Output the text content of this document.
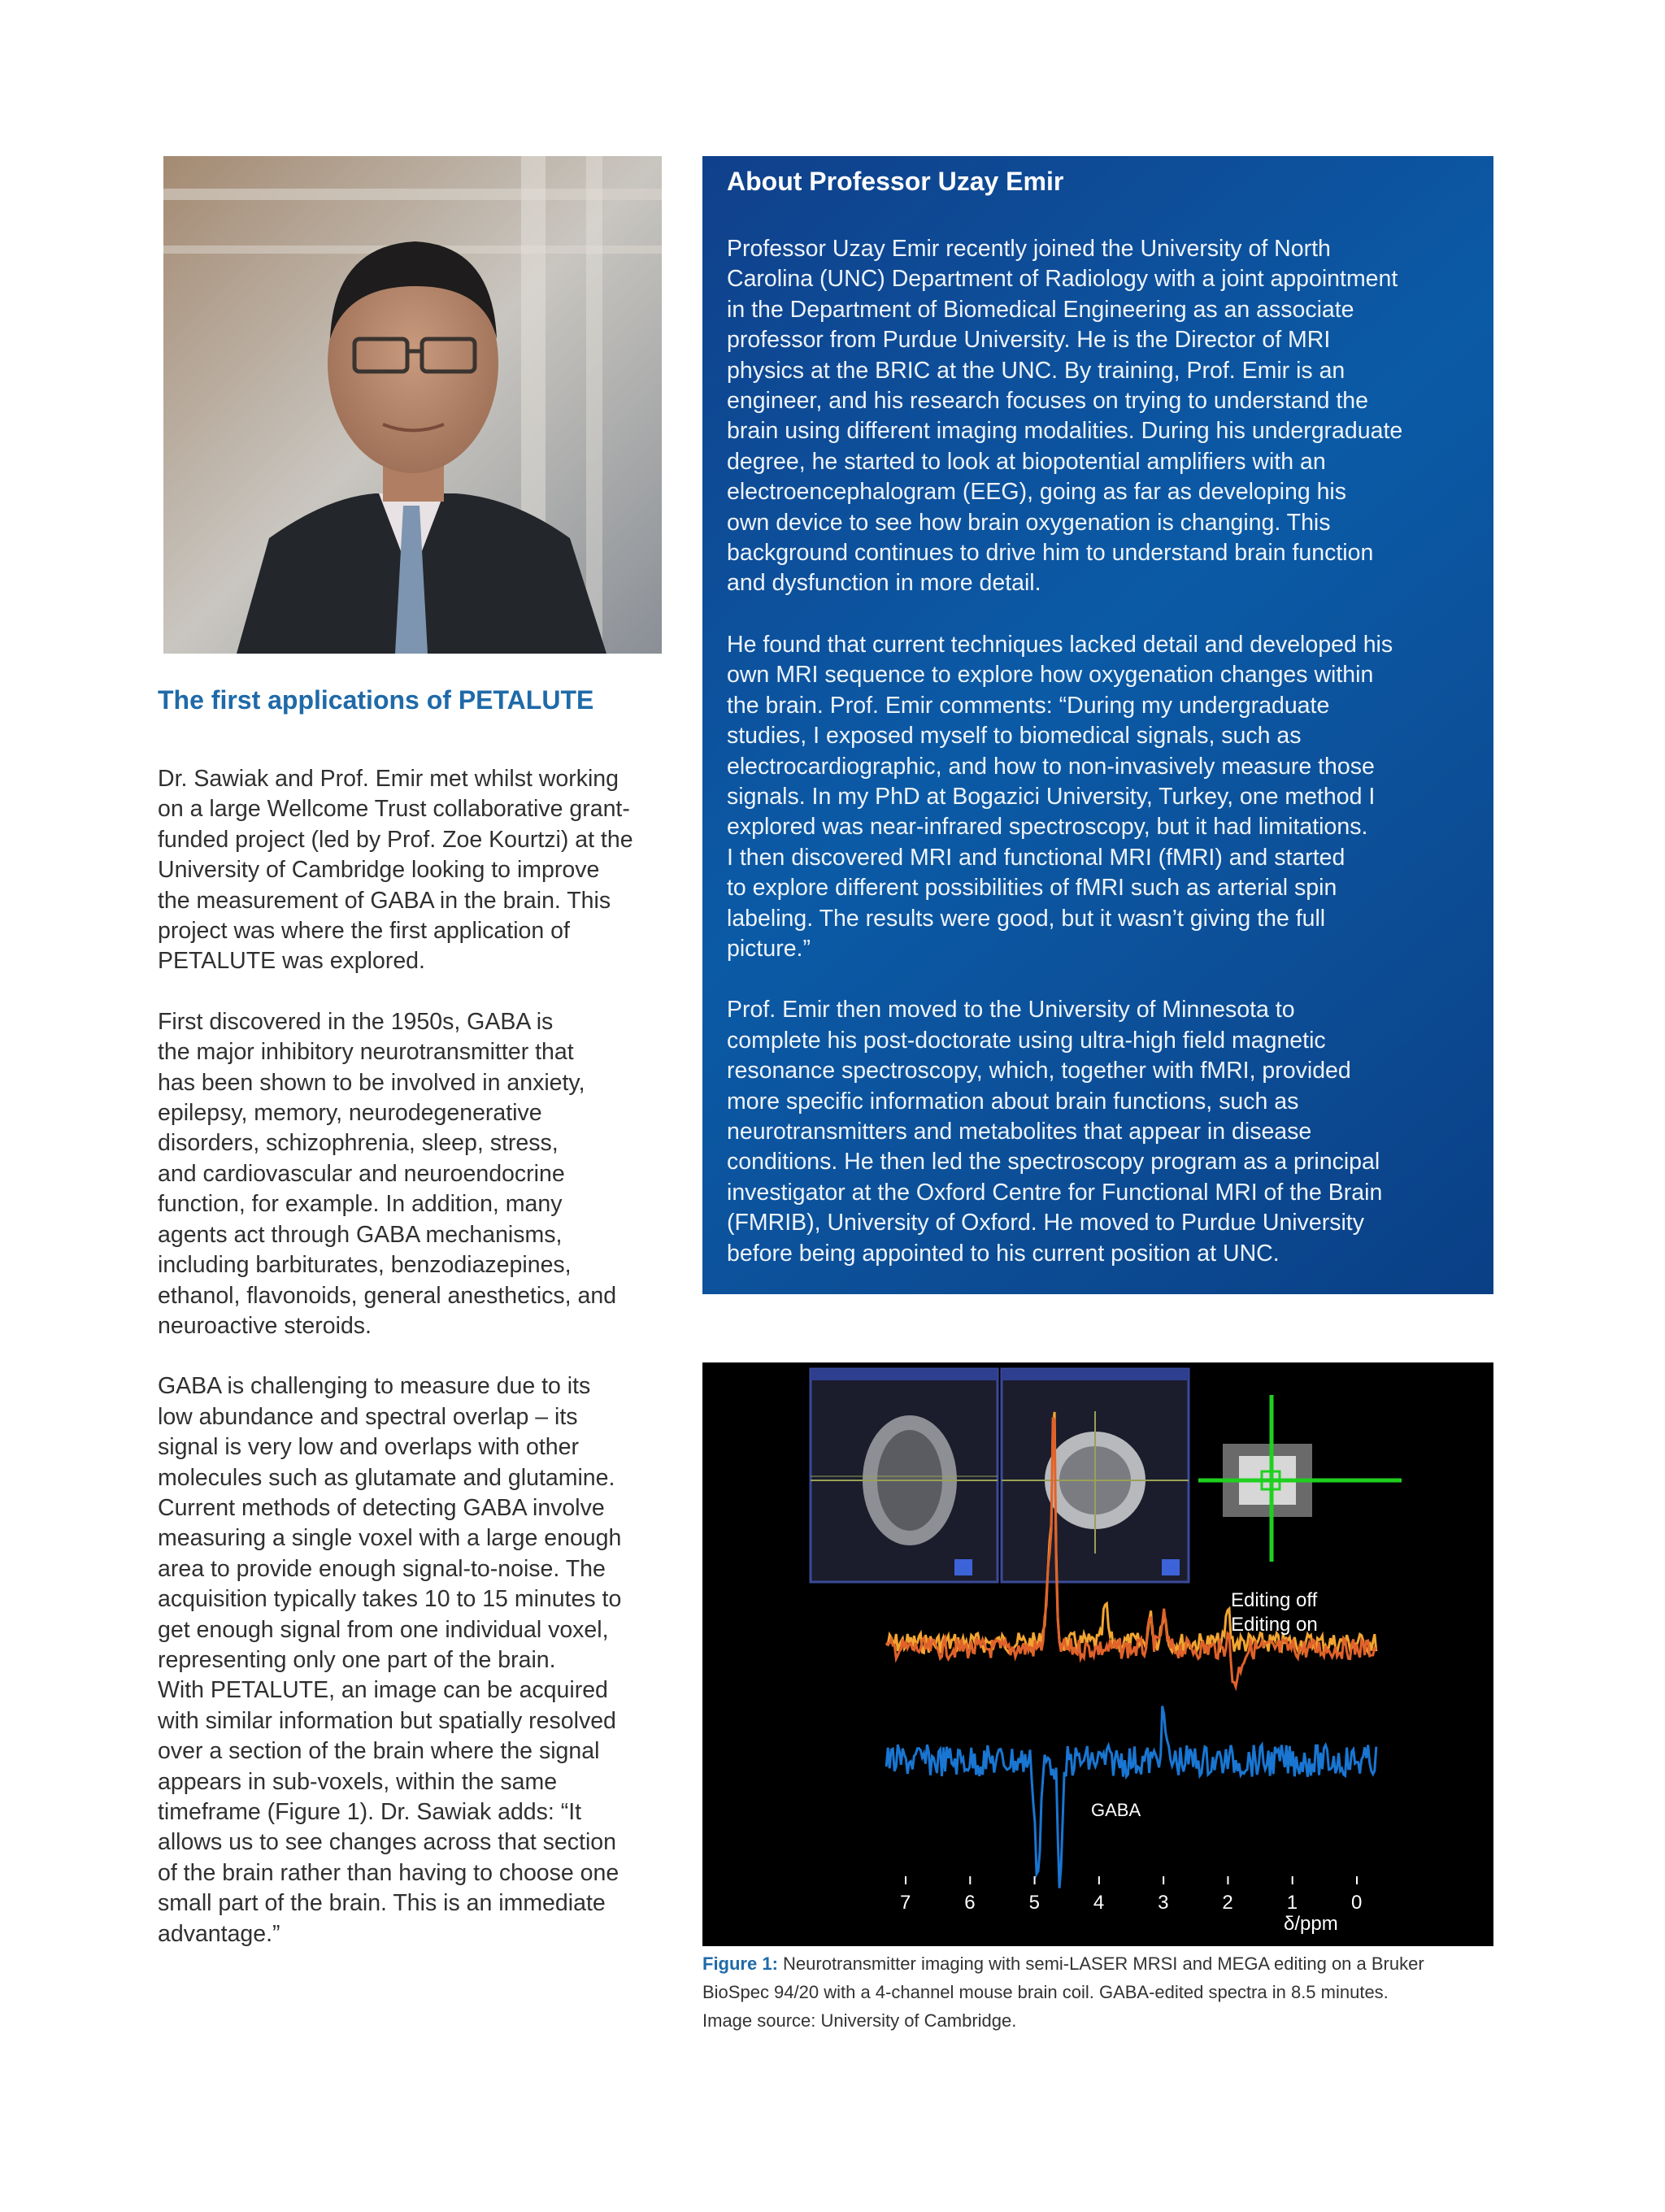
The first applications of PETALUTE

Dr. Sawiak and Prof. Emir met whilst working
on a large Wellcome Trust collaborative grant-
funded project (led by Prof. Zoe Kourtzi) at the
University of Cambridge looking to improve
the measurement of GABA in the brain. This
project was where the first application of
PETALUTE was explored.

First discovered in the 1950s, GABA is
the major inhibitory neurotransmitter that
has been shown to be involved in anxiety,
epilepsy, memory, neurodegenerative
disorders, schizophrenia, sleep, stress,
and cardiovascular and neuroendocrine
function, for example. In addition, many
agents act through GABA mechanisms,
including barbiturates, benzodiazepines,
ethanol, flavonoids, general anesthetics, and
neuroactive steroids.

GABA is challenging to measure due to its
low abundance and spectral overlap – its
signal is very low and overlaps with other
molecules such as glutamate and glutamine.
Current methods of detecting GABA involve
measuring a single voxel with a large enough
area to provide enough signal-to-noise. The
acquisition typically takes 10 to 15 minutes to
get enough signal from one individual voxel,
representing only one part of the brain.
With PETALUTE, an image can be acquired
with similar information but spatially resolved
over a section of the brain where the signal
appears in sub-voxels, within the same
timeframe (Figure 1). Dr. Sawiak adds: “It
allows us to see changes across that section
of the brain rather than having to choose one
small part of the brain. This is an immediate
advantage.”

About Professor Uzay Emir

Professor Uzay Emir recently joined the University of North
Carolina (UNC) Department of Radiology with a joint appointment
in the Department of Biomedical Engineering as an associate
professor from Purdue University. He is the Director of MRI
physics at the BRIC at the UNC. By training, Prof. Emir is an
engineer, and his research focuses on trying to understand the
brain using different imaging modalities. During his undergraduate
degree, he started to look at biopotential amplifiers with an
electroencephalogram (EEG), going as far as developing his
own device to see how brain oxygenation is changing. This
background continues to drive him to understand brain function
and dysfunction in more detail.

He found that current techniques lacked detail and developed his
own MRI sequence to explore how oxygenation changes within
the brain. Prof. Emir comments: “During my undergraduate
studies, I exposed myself to biomedical signals, such as
electrocardiographic, and how to non-invasively measure those
signals. In my PhD at Bogazici University, Turkey, one method I
explored was near-infrared spectroscopy, but it had limitations.
I then discovered MRI and functional MRI (fMRI) and started
to explore different possibilities of fMRI such as arterial spin
labeling. The results were good, but it wasn’t giving the full
picture.”

Prof. Emir then moved to the University of Minnesota to
complete his post-doctorate using ultra-high field magnetic
resonance spectroscopy, which, together with fMRI, provided
more specific information about brain functions, such as
neurotransmitters and metabolites that appear in disease
conditions. He then led the spectroscopy program as a principal
investigator at the Oxford Centre for Functional MRI of the Brain
(FMRIB), University of Oxford. He moved to Purdue University
before being appointed to his current position at UNC.

Editing off
Editing on
GABA
7	6	5	4	3	2	1	0
δ/ppm
Figure 1: Neurotransmitter imaging with semi-LASER MRSI and MEGA editing on a Bruker
BioSpec 94/20 with a 4-channel mouse brain coil. GABA-edited spectra in 8.5 minutes.
Image source: University of Cambridge.
